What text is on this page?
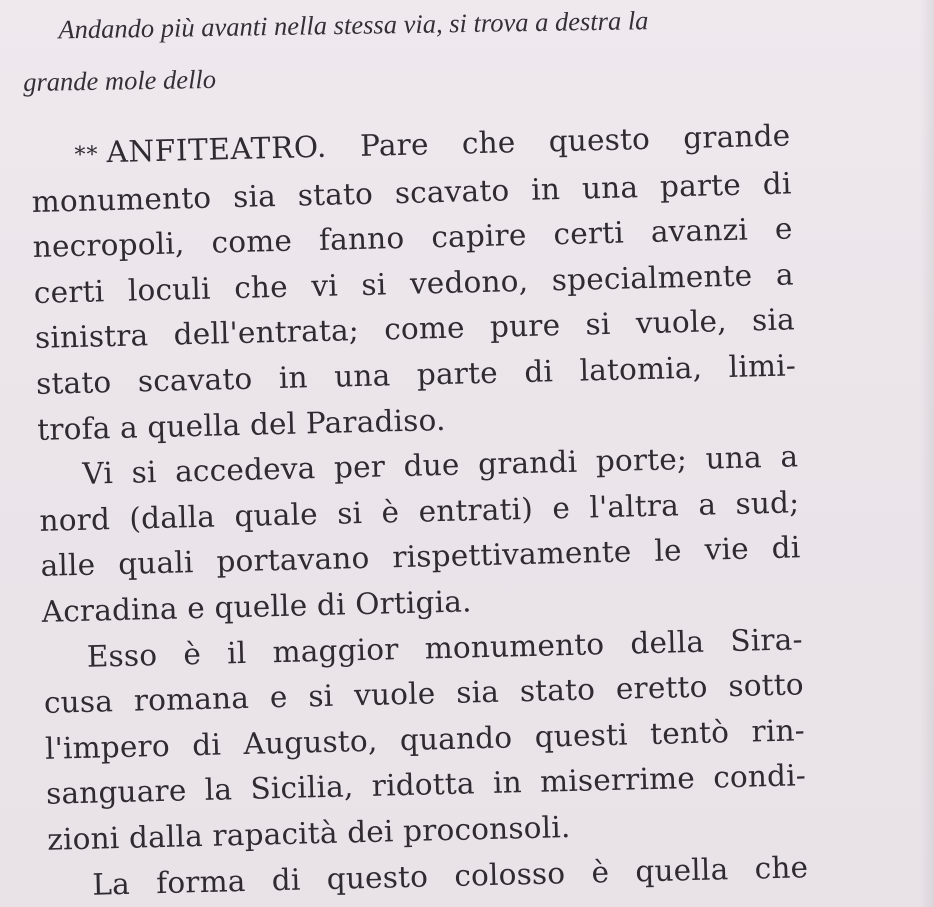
Andando più avanti nella stessa via, si trova a destra la
grande mole dello
** ANFITEATRO. Pare che questo grande
monumento sia stato scavato in una parte di
necropoli, come fanno capire certi avanzi e
certi loculi che vi si vedono, specialmente a
sinistra dell'entrata; come pure si vuole, sia
stato scavato in una parte di latomia, limi-
trofa a quella del Paradiso.
Vi si accedeva per due grandi porte; una a
nord (dalla quale si è entrati) e l'altra a sud;
alle quali portavano rispettivamente le vie di
Acradina e quelle di Ortigia.
Esso è il maggior monumento della Sira-
cusa romana e si vuole sia stato eretto sotto
l'impero di Augusto, quando questi tentò rin-
sanguare la Sicilia, ridotta in miserrime condi-
zioni dalla rapacità dei proconsoli.
La forma di questo colosso è quella che
